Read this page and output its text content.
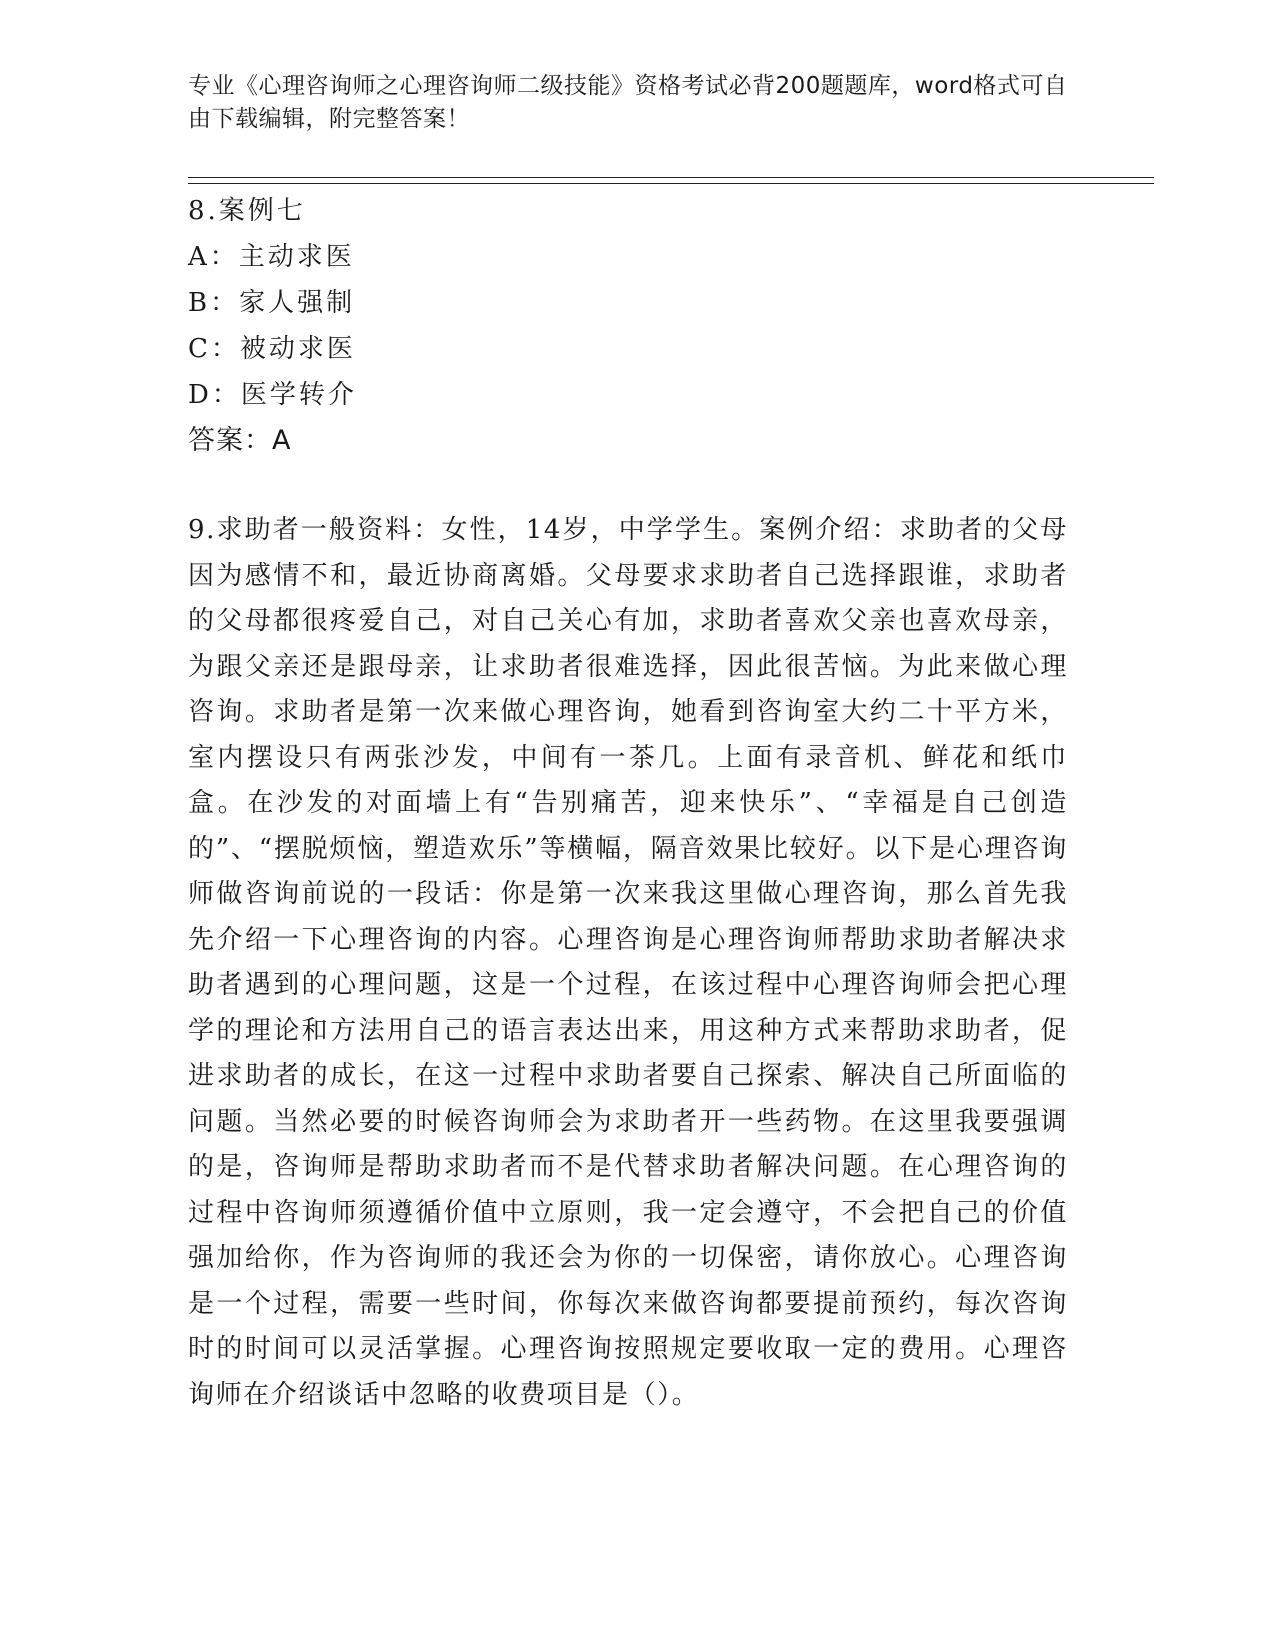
专业《心理咨询师之心理咨询师二级技能》资格考试必背200题题库，word格式可自由下载编辑，附完整答案！
8.案例七
A：主动求医
B：家人强制
C：被动求医
D：医学转介
答案：A
9.求助者一般资料：女性，14岁，中学学生。案例介绍：求助者的父母因为感情不和，最近协商离婚。父母要求求助者自己选择跟谁，求助者的父母都很疼爱自己，对自己关心有加，求助者喜欢父亲也喜欢母亲，为跟父亲还是跟母亲，让求助者很难选择，因此很苦恼。为此来做心理咨询。求助者是第一次来做心理咨询，她看到咨询室大约二十平方米，室内摆设只有两张沙发，中间有一茶几。上面有录音机、鲜花和纸巾盒。在沙发的对面墙上有“告别痛苦，迎来快乐”、“幸福是自己创造的”、“摆脱烦恼，塑造欢乐”等横幅，隔音效果比较好。以下是心理咨询师做咨询前说的一段话：你是第一次来我这里做心理咨询，那么首先我先介绍一下心理咨询的内容。心理咨询是心理咨询师帮助求助者解决求助者遇到的心理问题，这是一个过程，在该过程中心理咨询师会把心理学的理论和方法用自己的语言表达出来，用这种方式来帮助求助者，促进求助者的成长，在这一过程中求助者要自己探索、解决自己所面临的问题。当然必要的时候咨询师会为求助者开一些药物。在这里我要强调的是，咨询师是帮助求助者而不是代替求助者解决问题。在心理咨询的过程中咨询师须遵循价值中立原则，我一定会遵守，不会把自己的价值强加给你，作为咨询师的我还会为你的一切保密，请你放心。心理咨询是一个过程，需要一些时间，你每次来做咨询都要提前预约，每次咨询时的时间可以灵活掌握。心理咨询按照规定要收取一定的费用。心理咨询师在介绍谈话中忽略的收费项目是（）。
